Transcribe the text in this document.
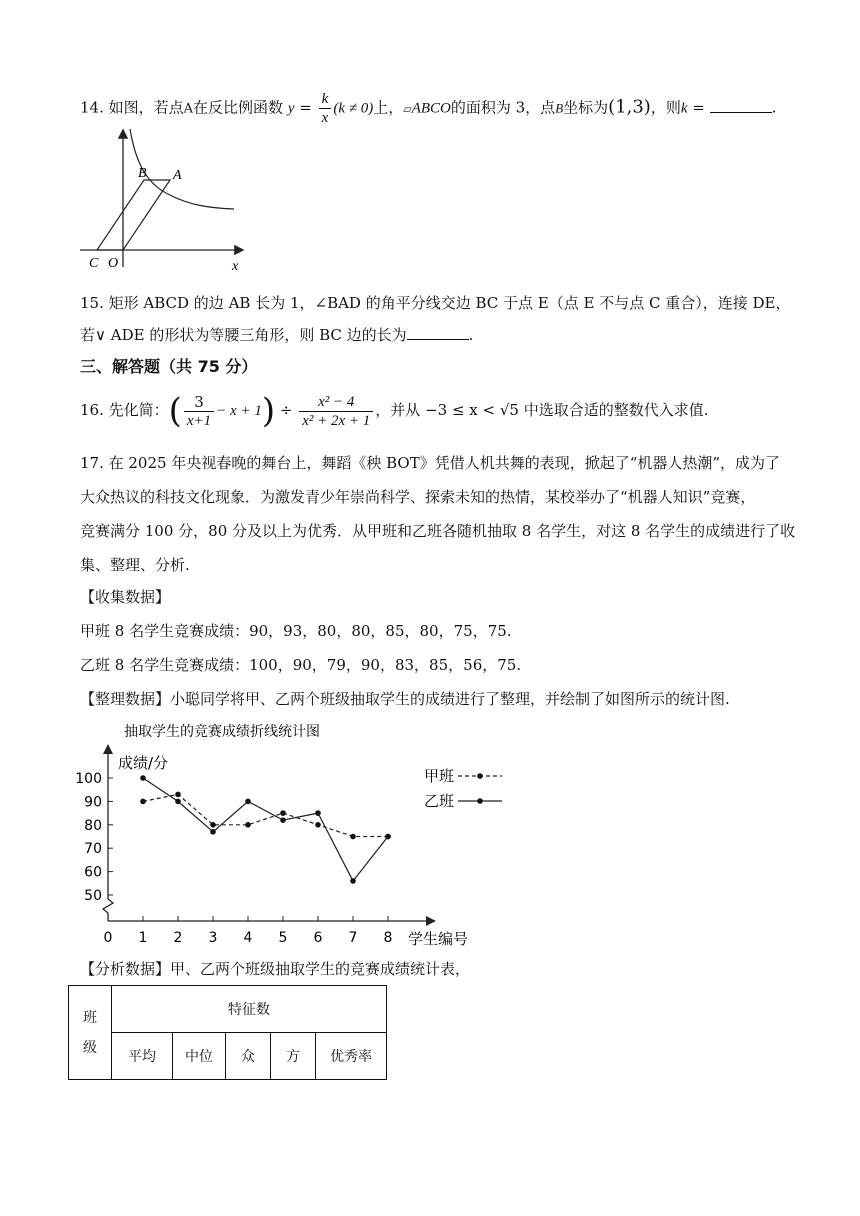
14. 如图，若点A在反比例函数 $y = \frac{k}{x} (k \ne 0)$上，▱ABCO的面积为 3，点B坐标为(1,3)，则k =	.
x
B A
C O
15. 矩形 ABCD 的边 AB 长为 1，∠BAD 的角平分线交边 BC 于点 E（点 E 不与点 C 重合），连接 DE，
若∨ ADE 的形状为等腰三角形，则 BC 边的长为	.
三、解答题（共 75 分）
16. 先化简：( $\frac{3}{x+1} - x + 1) \div \frac{\text{x² − 4}}{\text{x² + 2x + 1}}$ ，并从 −3 ≤ x < √5 中选取合适的整数代入求值.
17. 在 2025 年央视春晚的舞台上，舞蹈《秧 BOT》凭借人机共舞的表现，掀起了“机器人热潮”，成为了
大众热议的科技文化现象．为激发青少年崇尚科学、探索未知的热情，某校举办了“机器人知识”竞赛，
竞赛满分 100 分，80 分及以上为优秀．从甲班和乙班各随机抽取 8 名学生，对这 8 名学生的成绩进行了收
集、整理、分析.
【收集数据】
甲班 8 名学生竞赛成绩：90，93，80，80，85，80，75，75.
乙班 8 名学生竞赛成绩：100，90，79，90，83，85，56，75.
【整理数据】小聪同学将甲、乙两个班级抽取学生的成绩进行了整理，并绘制了如图所示的统计图.
抽取学生的竞赛成绩折线统计图
成绩/分
学生编号
50
60
70
80
90
100
0 1 2 3 4 5 6 7 8
甲班
乙班
【分析数据】甲、乙两个班级抽取学生的竞赛成绩统计表，
班
级	特征数				
	平均	中位	众	方	优秀率
